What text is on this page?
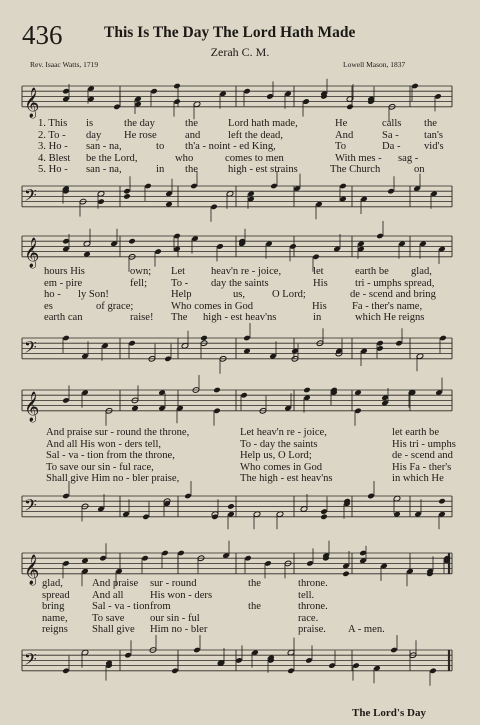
436	This Is The Day The Lord Hath Made
Zerah C. M.
Rev. Isaac Watts, 1719	Lowell Mason, 1837
𝄞
1. This is	the day	the	Lord hath made,	He	calls the
2. To - day He rose	and	left the dead,	And	Sa - tan's
3. Ho - san - na,	to th'a - noint - ed King,	To	Da - vid's
4. Blest be the Lord,	who	comes to men	With mes - sag -
5. Ho - san - na,	in the	high - est strains	The Church	on
𝄢
𝄞
hours His	own; Let heav'n re - joice,	let	earth be glad,
em - pire	fell; To - day the saints	His	tri - umphs spread,
ho - ly Son!	Help	us,	O Lord;	de - scend and bring
es	of grace;	Who comes in God	His Fa - ther's name,
earth can	raise! The high - est heav'ns	in	which He reigns
𝄢
𝄞
And praise sur - round the throne,	Let heav'n re - joice,	let earth be
And all His won - ders tell,	To - day the saints	His tri - umphs
Sal - va - tion from the throne,	Help us, O Lord;	de - scend and
To save our sin - ful race,	Who comes in God	His Fa - ther's
Shall give Him no - bler praise,	The high - est heav'ns	in which He
𝄢
𝄞 glad,	And praise sur - round	the	throne.
spread And all	His won - ders	tell.
bring	Sal - va - tion from	the	throne.
name, To save our sin - ful	race.
reigns Shall give Him no - bler	praise. A - men.
𝄢
The Lord's Day
